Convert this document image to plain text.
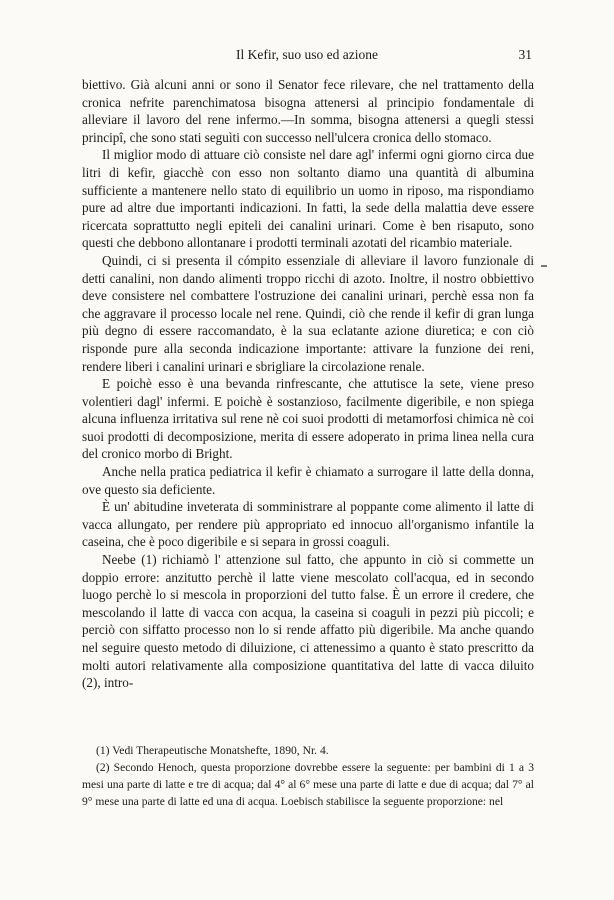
Il Kefir, suo uso ed azione	31

biettivo. Già alcuni anni or sono il Senator fece rilevare, che nel trattamento della cronica nefrite parenchimatosa bisogna attenersi al principio fondamentale di alleviare il lavoro del rene infermo.—In somma, bisogna attenersi a quegli stessi principî, che sono stati seguìti con successo nell'ulcera cronica dello stomaco.

Il miglior modo di attuare ciò consiste nel dare agl' infermi ogni giorno circa due litri di kefir, giacchè con esso non soltanto diamo una quantità di albumina sufficiente a mantenere nello stato di equilibrio un uomo in riposo, ma rispondiamo pure ad altre due importanti indicazioni. In fatti, la sede della malattia deve essere ricercata soprattutto negli epiteli dei canalini urinari. Come è ben risaputo, sono questi che debbono allontanare i prodotti terminali azotati del ricambio materiale.

Quindi, ci si presenta il cómpito essenziale di alleviare il lavoro funzionale di detti canalini, non dando alimenti troppo ricchi di azoto. Inoltre, il nostro obbiettivo deve consistere nel combattere l'ostruzione dei canalini urinari, perchè essa non fa che aggravare il processo locale nel rene. Quindi, ciò che rende il kefir di gran lunga più degno di essere raccomandato, è la sua eclatante azione diuretica; e con ciò risponde pure alla seconda indicazione importante: attivare la funzione dei reni, rendere liberi i canalini urinari e sbrigliare la circolazione renale.

E poichè esso è una bevanda rinfrescante, che attutisce la sete, viene preso volentieri dagl' infermi. E poichè è sostanzioso, facilmente digeribile, e non spiega alcuna influenza irritativa sul rene nè coi suoi prodotti di metamorfosi chimica nè coi suoi prodotti di decomposizione, merita di essere adoperato in prima linea nella cura del cronico morbo di Bright.

Anche nella pratica pediatrica il kefir è chiamato a surrogare il latte della donna, ove questo sia deficiente.

È un' abitudine inveterata di somministrare al poppante come alimento il latte di vacca allungato, per rendere più appropriato ed innocuo all'organismo infantile la caseina, che è poco digeribile e si separa in grossi coaguli.

Neebe (1) richiamò l' attenzione sul fatto, che appunto in ciò si commette un doppio errore: anzitutto perchè il latte viene mescolato coll'acqua, ed in secondo luogo perchè lo si mescola in proporzioni del tutto false. È un errore il credere, che mescolando il latte di vacca con acqua, la caseina si coaguli in pezzi più piccoli; e perciò con siffatto processo non lo si rende affatto più digeribile. Ma anche quando nel seguire questo metodo di diluizione, ci attenessimo a quanto è stato prescritto da molti autori relativamente alla composizione quantitativa del latte di vacca diluito (2), intro-

(1) Vedi Therapeutische Monatshefte, 1890, Nr. 4.

(2) Secondo Henoch, questa proporzione dovrebbe essere la seguente: per bambini di 1 a 3 mesi una parte di latte e tre di acqua; dal 4° al 6° mese una parte di latte e due di acqua; dal 7° al 9° mese una parte di latte ed una di acqua. Loebisch stabilisce la seguente proporzione: nel
